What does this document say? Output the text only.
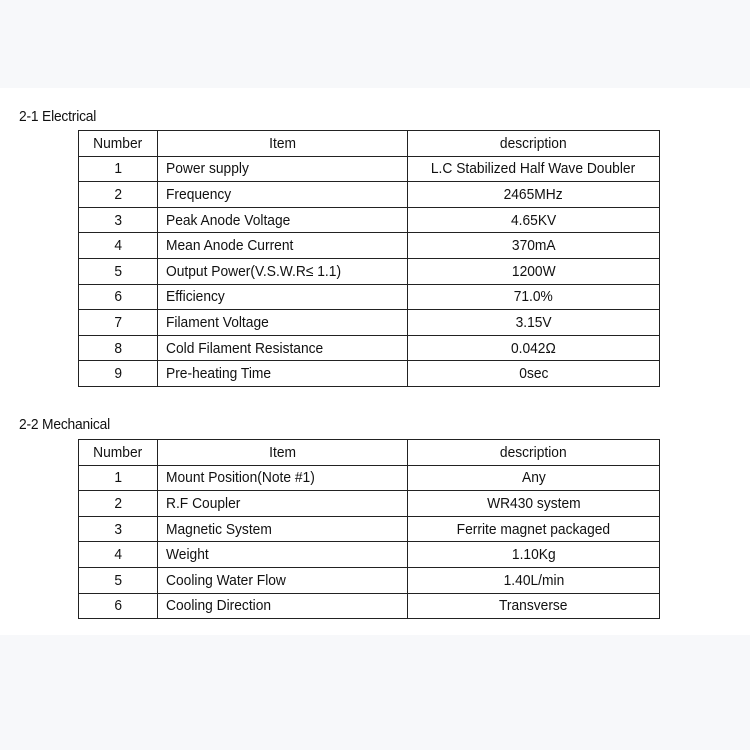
2-1 Electrical
Number	Item	description
1	Power supply	L.C Stabilized Half Wave Doubler
2	Frequency	2465MHz
3	Peak Anode Voltage	4.65KV
4	Mean Anode Current	370mA
5	Output Power(V.S.W.R≤ 1.1)	1200W
6	Efficiency	71.0%
7	Filament Voltage	3.15V
8	Cold Filament Resistance	0.042Ω
9	Pre-heating Time	0sec
2-2 Mechanical
Number	Item	description
1	Mount Position(Note #1)	Any
2	R.F Coupler	WR430 system
3	Magnetic System	Ferrite magnet packaged
4	Weight	1.10Kg
5	Cooling Water Flow	1.40L/min
6	Cooling Direction	Transverse
